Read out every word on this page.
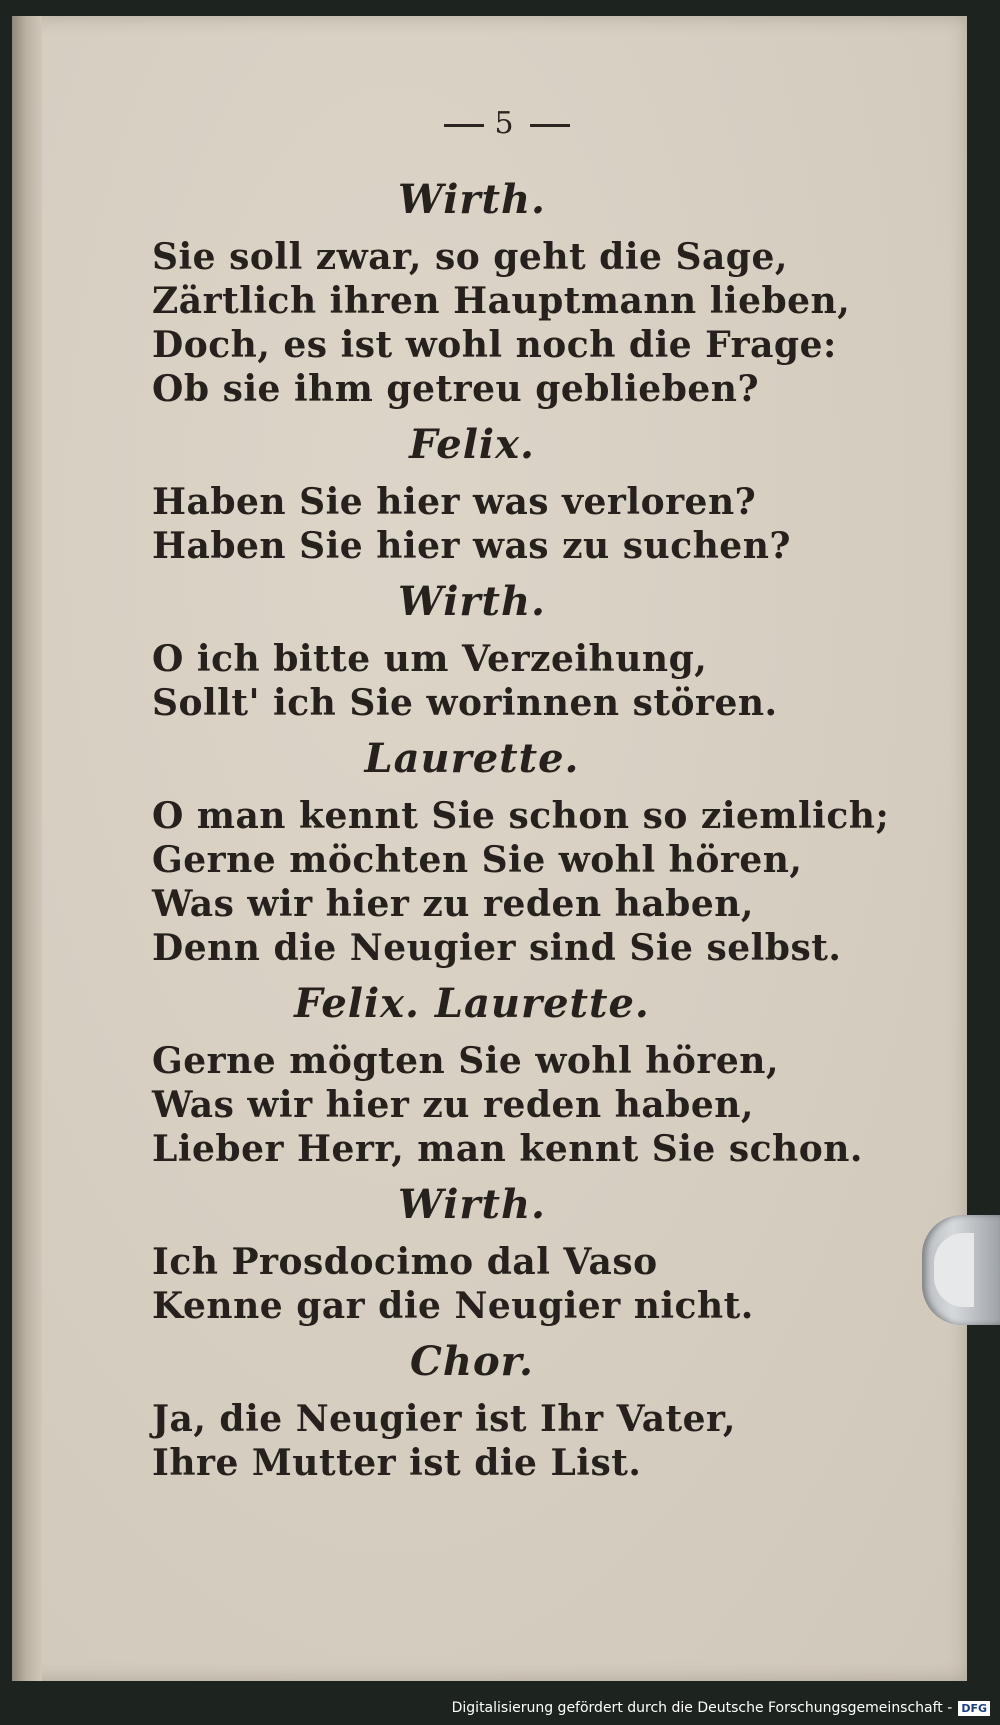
5
Wirth.
Sie soll zwar, so geht die Sage,
Zärtlich ihren Hauptmann lieben,
Doch, es ist wohl noch die Frage:
Ob sie ihm getreu geblieben?
Felix.
Haben Sie hier was verloren?
Haben Sie hier was zu suchen?
Wirth.
O ich bitte um Verzeihung,
Sollt' ich Sie worinnen stören.
Laurette.
O man kennt Sie schon so ziemlich;
Gerne möchten Sie wohl hören,
Was wir hier zu reden haben,
Denn die Neugier sind Sie selbst.
Felix. Laurette.
Gerne mögten Sie wohl hören,
Was wir hier zu reden haben,
Lieber Herr, man kennt Sie schon.
Wirth.
Ich Prosdocimo dal Vaso
Kenne gar die Neugier nicht.
Chor.
Ja, die Neugier ist Ihr Vater,
Ihre Mutter ist die List.
Digitalisierung gefördert durch die Deutsche Forschungsgemeinschaft - DFG
